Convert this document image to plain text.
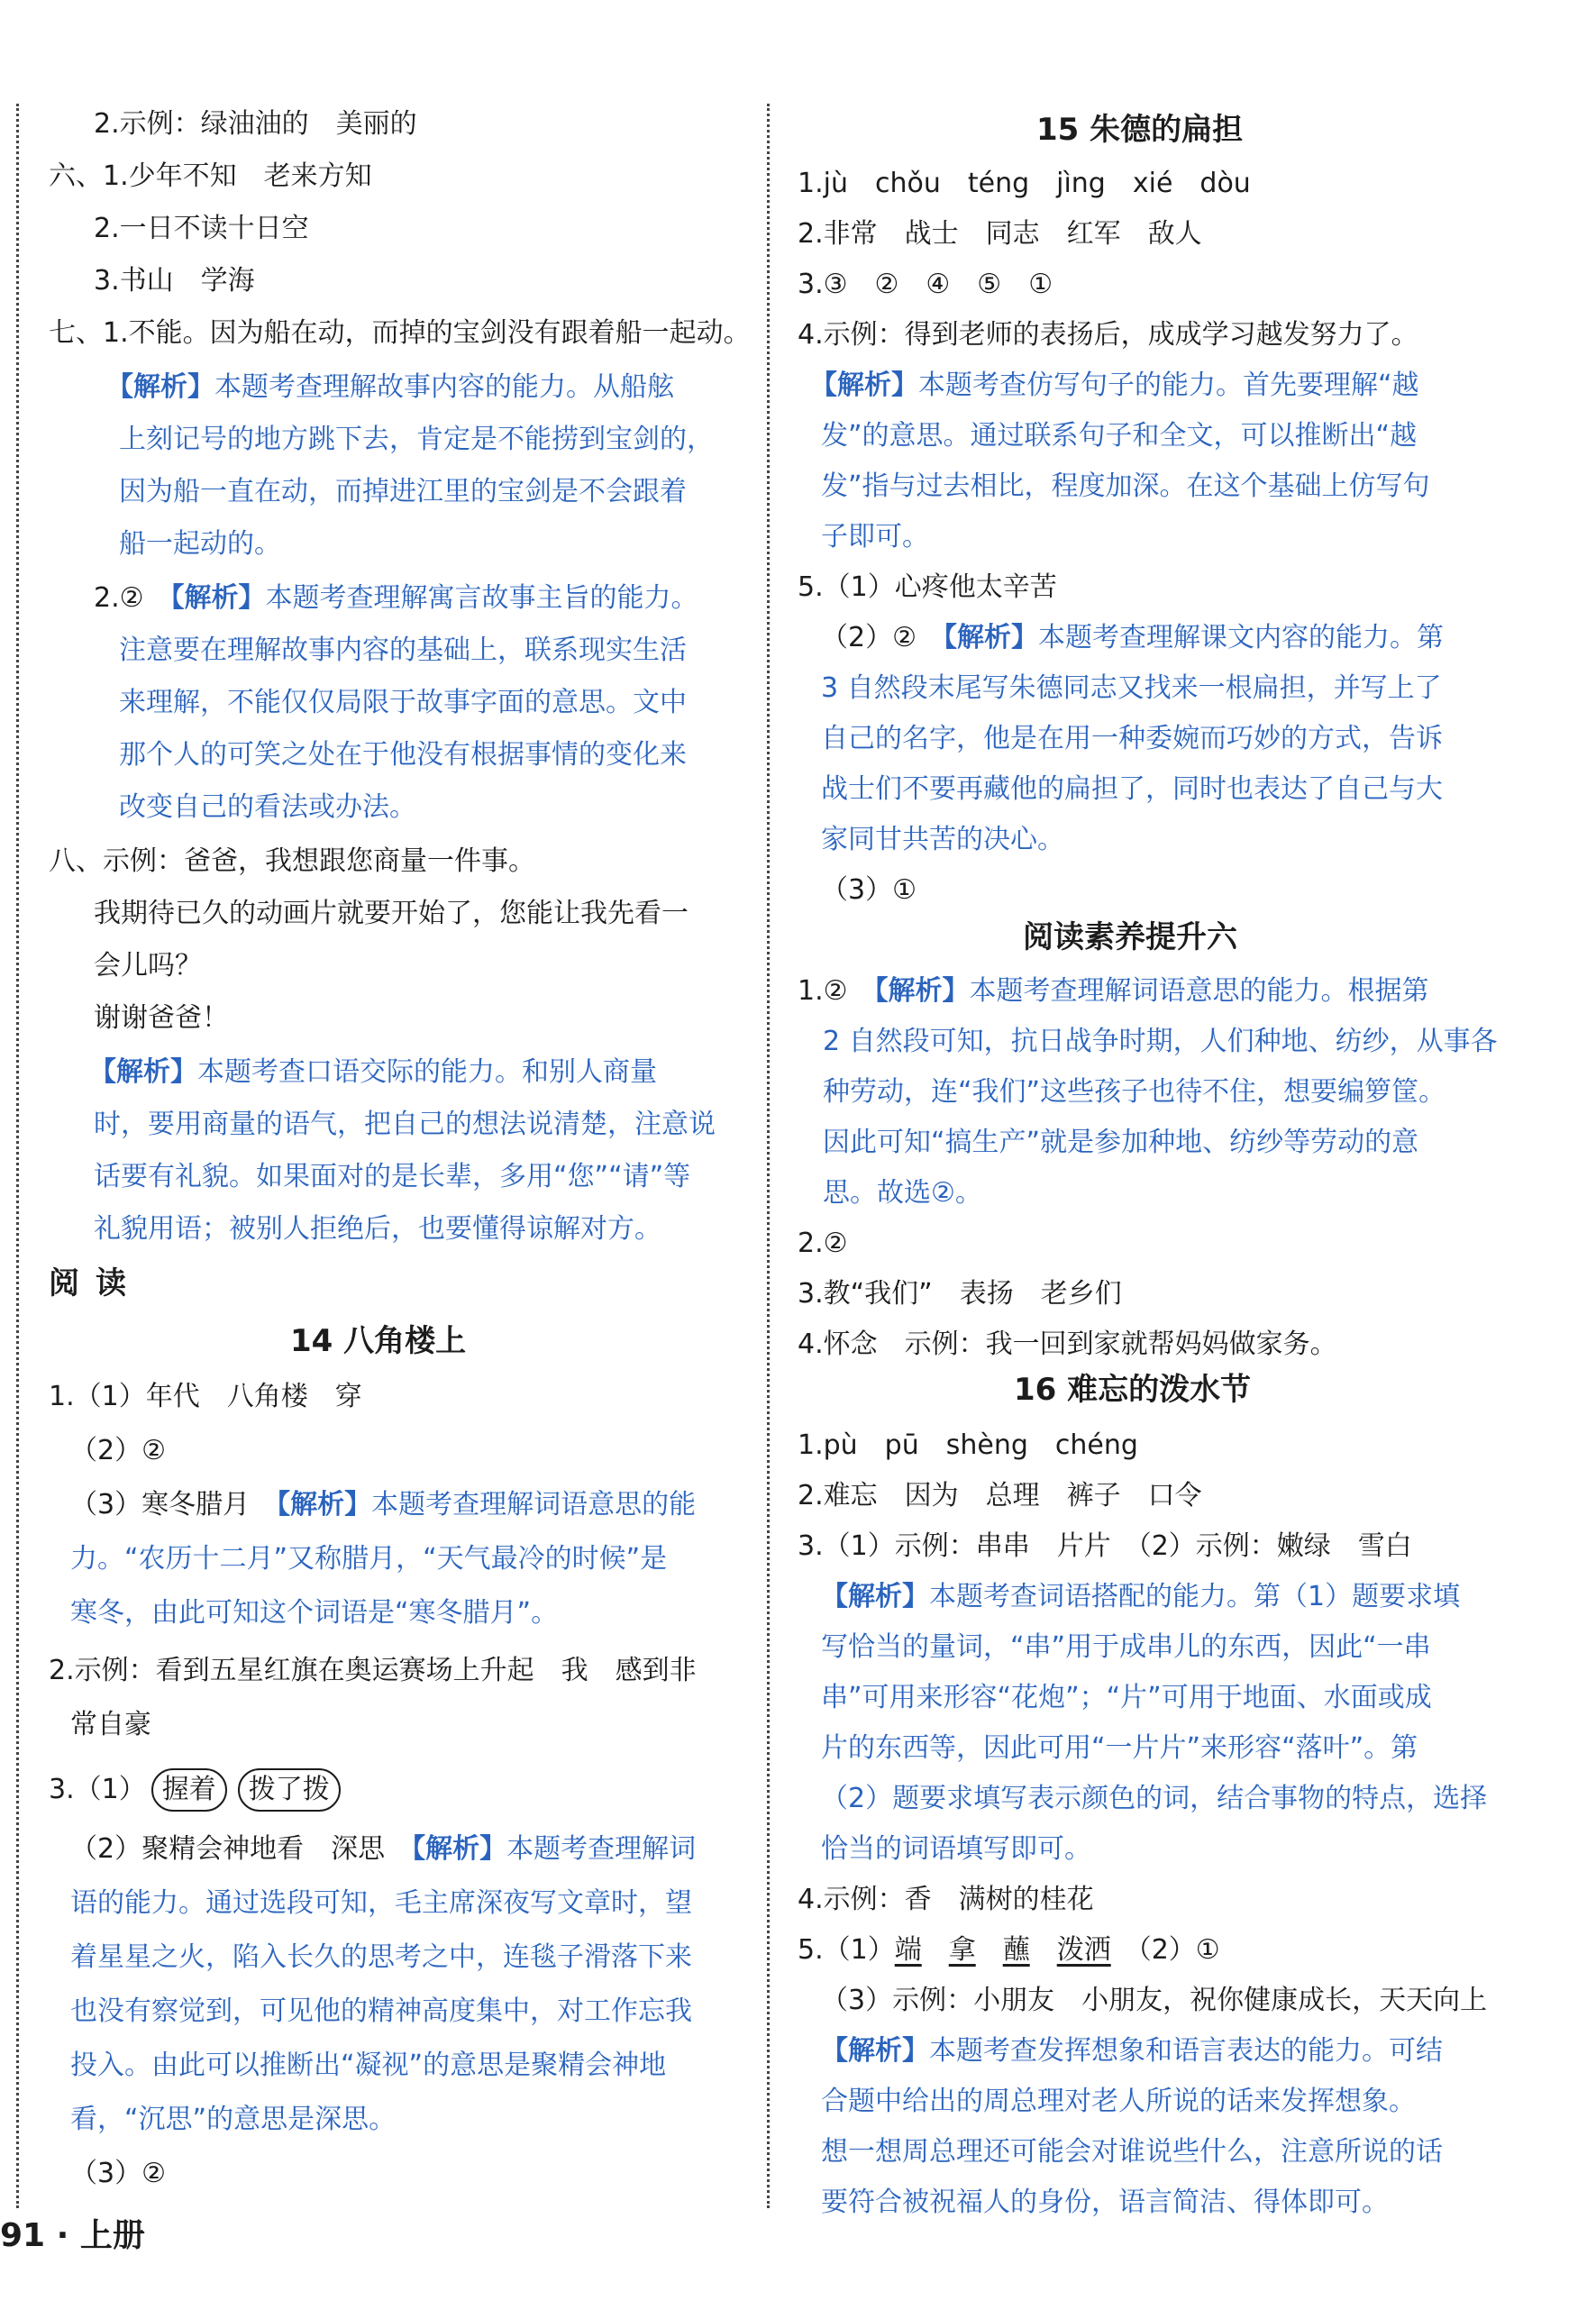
2.示例：绿油油的　美丽的
六、1.少年不知　老来方知
2.一日不读十日空
3.书山　学海
七、1.不能。因为船在动，而掉的宝剑没有跟着船一起动。
【解析】本题考查理解故事内容的能力。从船舷
上刻记号的地方跳下去，肯定是不能捞到宝剑的，
因为船一直在动，而掉进江里的宝剑是不会跟着
船一起动的。
2.②　【解析】本题考查理解寓言故事主旨的能力。
注意要在理解故事内容的基础上，联系现实生活
来理解，不能仅仅局限于故事字面的意思。文中
那个人的可笑之处在于他没有根据事情的变化来
改变自己的看法或办法。
八、示例：爸爸，我想跟您商量一件事。
我期待已久的动画片就要开始了，您能让我先看一
会儿吗？
谢谢爸爸！
【解析】本题考查口语交际的能力。和别人商量
时，要用商量的语气，把自己的想法说清楚，注意说
话要有礼貌。如果面对的是长辈，多用“您”“请”等
礼貌用语；被别人拒绝后，也要懂得谅解对方。
阅读
14 八角楼上
1.（1）年代　八角楼　穿
（2）②
（3）寒冬腊月　【解析】本题考查理解词语意思的能
力。“农历十二月”又称腊月，“天气最冷的时候”是
寒冬，由此可知这个词语是“寒冬腊月”。
2.示例：看到五星红旗在奥运赛场上升起　我　感到非
常自豪
3.（1） 握着 拨了拨
（2）聚精会神地看　深思　【解析】本题考查理解词
语的能力。通过选段可知，毛主席深夜写文章时，望
着星星之火，陷入长久的思考之中，连毯子滑落下来
也没有察觉到，可见他的精神高度集中，对工作忘我
投入。由此可以推断出“凝视”的意思是聚精会神地
看，“沉思”的意思是深思。
（3）②
15 朱德的扁担
1.jù　chǒu　téng　jìng　xié　dòu
2.非常　战士　同志　红军　敌人
3.③　②　④　⑤　①
4.示例：得到老师的表扬后，成成学习越发努力了。
【解析】本题考查仿写句子的能力。首先要理解“越
发”的意思。通过联系句子和全文，可以推断出“越
发”指与过去相比，程度加深。在这个基础上仿写句
子即可。
5.（1）心疼他太辛苦
（2）②　【解析】本题考查理解课文内容的能力。第
3 自然段末尾写朱德同志又找来一根扁担，并写上了
自己的名字，他是在用一种委婉而巧妙的方式，告诉
战士们不要再藏他的扁担了，同时也表达了自己与大
家同甘共苦的决心。
（3）①
阅读素养提升六
1.②　【解析】本题考查理解词语意思的能力。根据第
2 自然段可知，抗日战争时期，人们种地、纺纱，从事各
种劳动，连“我们”这些孩子也待不住，想要编箩筐。
因此可知“搞生产”就是参加种地、纺纱等劳动的意
思。故选②。
2.②
3.教“我们”　表扬　老乡们
4.怀念　示例：我一回到家就帮妈妈做家务。
16 难忘的泼水节
1.pù　pū　shèng　chéng
2.难忘　因为　总理　裤子　口令
3.（1）示例：串串　片片　（2）示例：嫩绿　雪白
【解析】本题考查词语搭配的能力。第（1）题要求填
写恰当的量词，“串”用于成串儿的东西，因此“一串
串”可用来形容“花炮”；“片”可用于地面、水面或成
片的东西等，因此可用“一片片”来形容“落叶”。第
（2）题要求填写表示颜色的词，结合事物的特点，选择
恰当的词语填写即可。
4.示例：香　满树的桂花
5.（1）端　 拿　 蘸　 泼洒　 （2）①
（3）示例：小朋友　小朋友，祝你健康成长，天天向上
【解析】本题考查发挥想象和语言表达的能力。可结
合题中给出的周总理对老人所说的话来发挥想象。
想一想周总理还可能会对谁说些什么，注意所说的话
要符合被祝福人的身份，语言简洁、得体即可。
91 · 上册
